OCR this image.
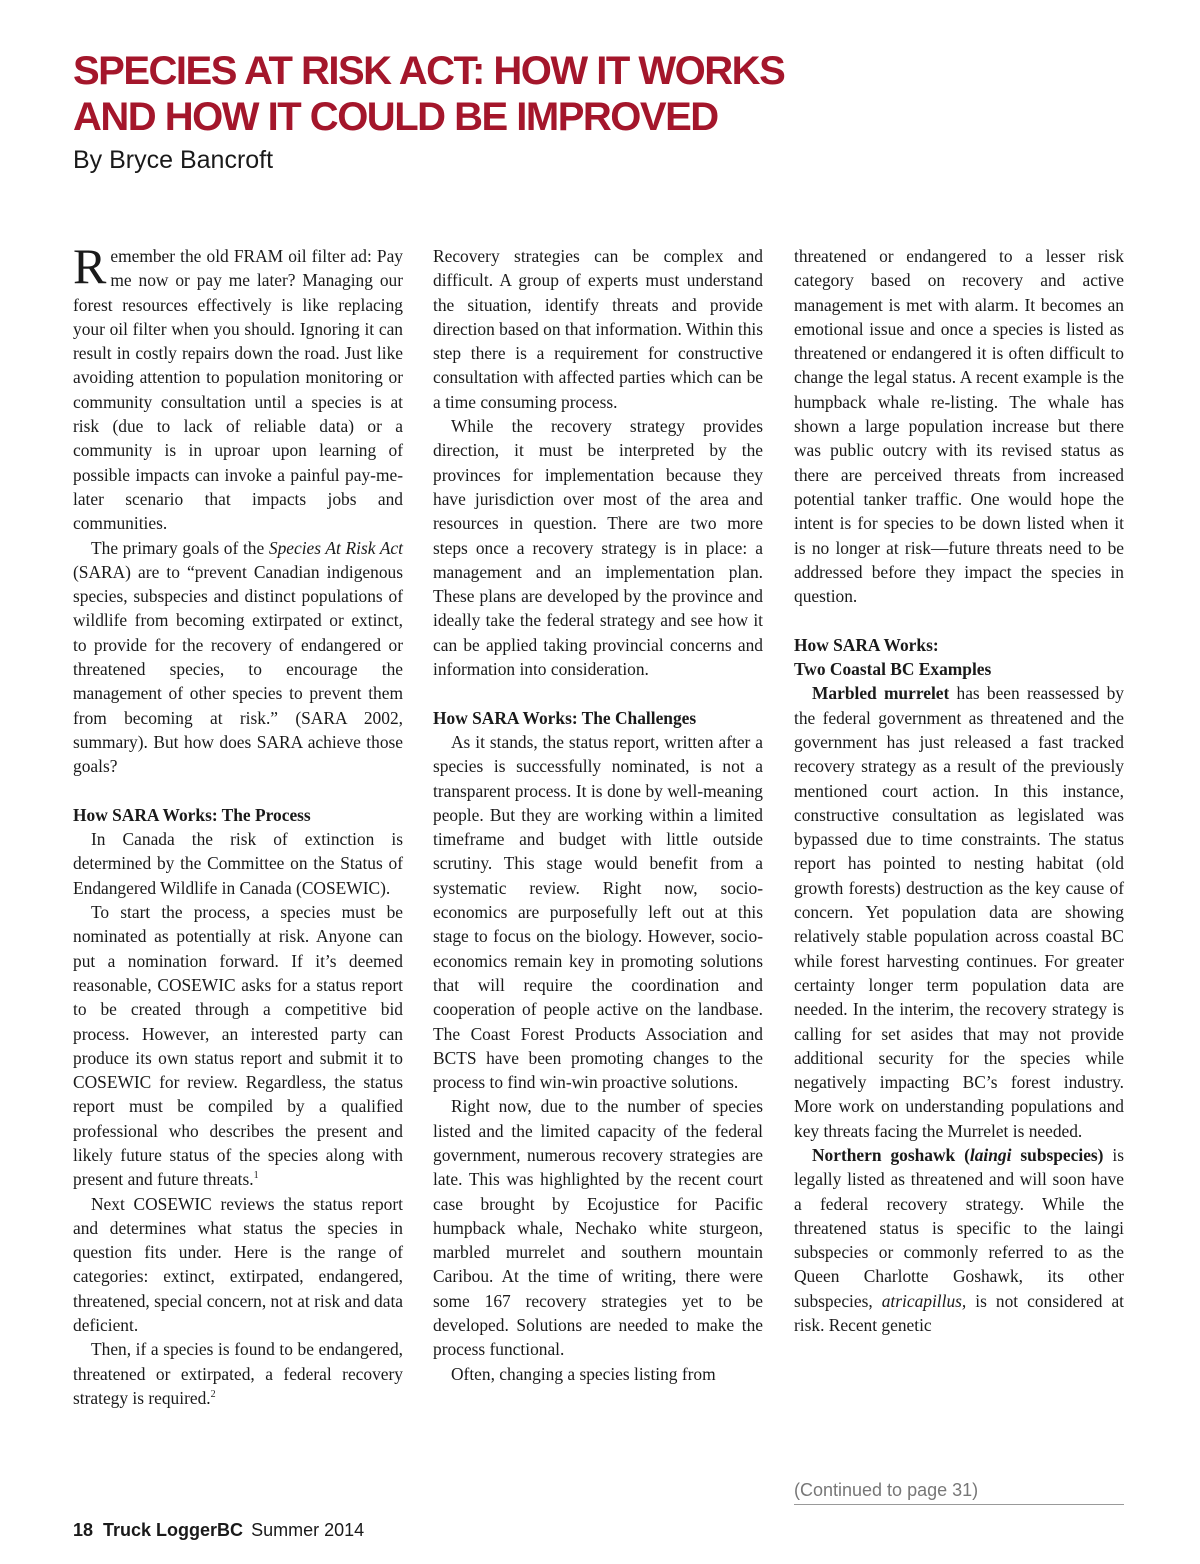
SPECIES AT RISK ACT: HOW IT WORKS
AND HOW IT COULD BE IMPROVED
By Bryce Bancroft

Remember the old FRAM oil filter ad: Pay me now or pay me later? Managing our forest resources effectively is like replacing your oil filter when you should. Ignoring it can result in costly repairs down the road. Just like avoiding attention to population monitoring or community consultation until a species is at risk (due to lack of reliable data) or a community is in uproar upon learning of possible impacts can invoke a painful pay-me-later scenario that impacts jobs and communities.

The primary goals of the Species At Risk Act (SARA) are to “prevent Canadian indigenous species, subspecies and distinct populations of wildlife from becoming extirpated or extinct, to provide for the recovery of endangered or threatened species, to encourage the management of other species to prevent them from becoming at risk.” (SARA 2002, summary). But how does SARA achieve those goals?

How SARA Works: The Process

In Canada the risk of extinction is determined by the Committee on the Status of Endangered Wildlife in Canada (COSEWIC).

To start the process, a species must be nominated as potentially at risk. Anyone can put a nomination forward. If it’s deemed reasonable, COSEWIC asks for a status report to be created through a competitive bid process. However, an interested party can produce its own status report and submit it to COSEWIC for review. Regardless, the status report must be compiled by a qualified professional who describes the present and likely future status of the species along with present and future threats.$^1$

Next COSEWIC reviews the status report and determines what status the species in question fits under. Here is the range of categories: extinct, extirpated, endangered, threatened, special concern, not at risk and data deficient.

Then, if a species is found to be endangered, threatened or extirpated, a federal recovery strategy is required.$^2$

Recovery strategies can be complex and difficult. A group of experts must understand the situation, identify threats and provide direction based on that information. Within this step there is a requirement for constructive consultation with affected parties which can be a time consuming process.

While the recovery strategy provides direction, it must be interpreted by the provinces for implementation because they have jurisdiction over most of the area and resources in question. There are two more steps once a recovery strategy is in place: a management and an implementation plan. These plans are developed by the province and ideally take the federal strategy and see how it can be applied taking provincial concerns and information into consideration.

How SARA Works: The Challenges

As it stands, the status report, written after a species is successfully nominated, is not a transparent process. It is done by well-meaning people. But they are working within a limited timeframe and budget with little outside scrutiny. This stage would benefit from a systematic review. Right now, socio-economics are purposefully left out at this stage to focus on the biology. However, socio-economics remain key in promoting solutions that will require the coordination and cooperation of people active on the landbase. The Coast Forest Products Association and BCTS have been promoting changes to the process to find win-win proactive solutions.

Right now, due to the number of species listed and the limited capacity of the federal government, numerous recovery strategies are late. This was highlighted by the recent court case brought by Ecojustice for Pacific humpback whale, Nechako white sturgeon, marbled murrelet and southern mountain Caribou. At the time of writing, there were some 167 recovery strategies yet to be developed. Solutions are needed to make the process functional.

Often, changing a species listing from

threatened or endangered to a lesser risk category based on recovery and active management is met with alarm. It becomes an emotional issue and once a species is listed as threatened or endangered it is often difficult to change the legal status. A recent example is the humpback whale re-listing. The whale has shown a large population increase but there was public outcry with its revised status as there are perceived threats from increased potential tanker traffic. One would hope the intent is for species to be down listed when it is no longer at risk—future threats need to be addressed before they impact the species in question.

How SARA Works:
Two Coastal BC Examples

Marbled murrelet has been reassessed by the federal government as threatened and the government has just released a fast tracked recovery strategy as a result of the previously mentioned court action. In this instance, constructive consultation as legislated was bypassed due to time constraints. The status report has pointed to nesting habitat (old growth forests) destruction as the key cause of concern. Yet population data are showing relatively stable population across coastal BC while forest harvesting continues. For greater certainty longer term population data are needed. In the interim, the recovery strategy is calling for set asides that may not provide additional security for the species while negatively impacting BC’s forest industry. More work on understanding populations and key threats facing the Murrelet is needed.

Northern goshawk (laingi subspecies) is legally listed as threatened and will soon have a federal recovery strategy. While the threatened status is specific to the laingi subspecies or commonly referred to as the Queen Charlotte Goshawk, its other subspecies, atricapillus, is not considered at risk. Recent genetic

(Continued to page 31)
18 Truck LoggerBC Summer 2014
